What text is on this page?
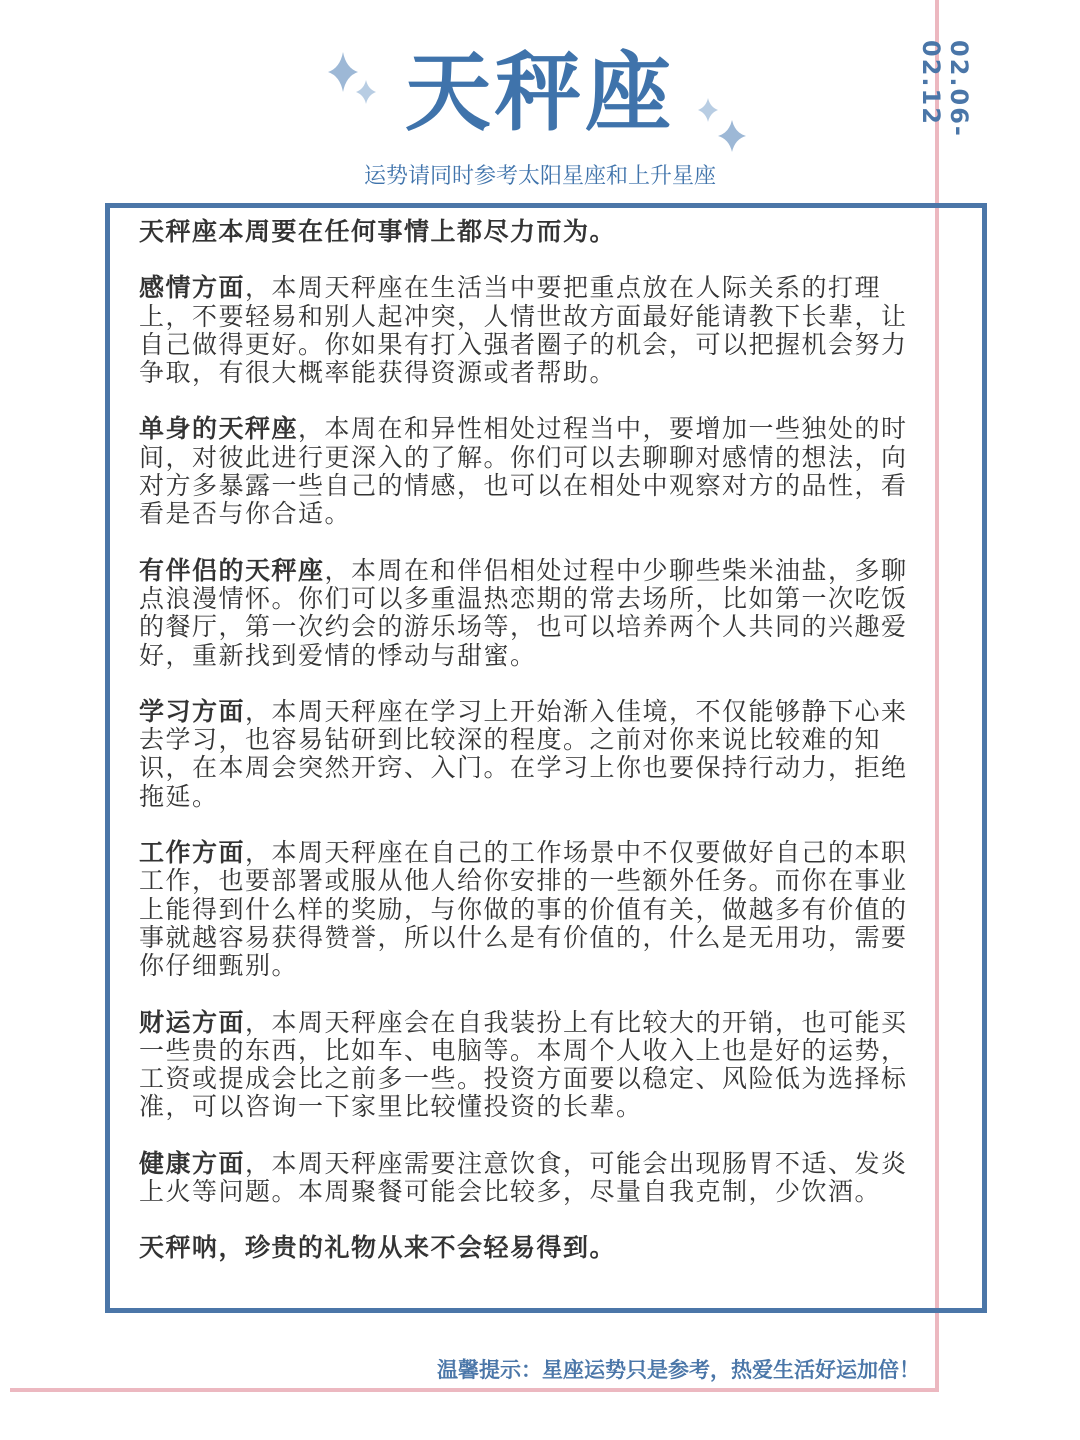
02.06-02.12
天秤座
运势请同时参考太阳星座和上升星座

天秤座本周要在任何事情上都尽力而为。

感情方面，本周天秤座在生活当中要把重点放在人际关系的打理上，不要轻易和别人起冲突，人情世故方面最好能请教下长辈，让自己做得更好。你如果有打入强者圈子的机会，可以把握机会努力争取，有很大概率能获得资源或者帮助。

单身的天秤座，本周在和异性相处过程当中，要增加一些独处的时间，对彼此进行更深入的了解。你们可以去聊聊对感情的想法，向对方多暴露一些自己的情感，也可以在相处中观察对方的品性，看看是否与你合适。

有伴侣的天秤座，本周在和伴侣相处过程中少聊些柴米油盐，多聊点浪漫情怀。你们可以多重温热恋期的常去场所，比如第一次吃饭的餐厅，第一次约会的游乐场等，也可以培养两个人共同的兴趣爱好，重新找到爱情的悸动与甜蜜。

学习方面，本周天秤座在学习上开始渐入佳境，不仅能够静下心来去学习，也容易钻研到比较深的程度。之前对你来说比较难的知识，在本周会突然开窍、入门。在学习上你也要保持行动力，拒绝拖延。

工作方面，本周天秤座在自己的工作场景中不仅要做好自己的本职工作，也要部署或服从他人给你安排的一些额外任务。而你在事业上能得到什么样的奖励，与你做的事的价值有关，做越多有价值的事就越容易获得赞誉，所以什么是有价值的，什么是无用功，需要你仔细甄别。

财运方面，本周天秤座会在自我装扮上有比较大的开销，也可能买一些贵的东西，比如车、电脑等。本周个人收入上也是好的运势，工资或提成会比之前多一些。投资方面要以稳定、风险低为选择标准，可以咨询一下家里比较懂投资的长辈。

健康方面，本周天秤座需要注意饮食，可能会出现肠胃不适、发炎上火等问题。本周聚餐可能会比较多，尽量自我克制，少饮酒。

天秤呐，珍贵的礼物从来不会轻易得到。

温馨提示：星座运势只是参考，热爱生活好运加倍！
